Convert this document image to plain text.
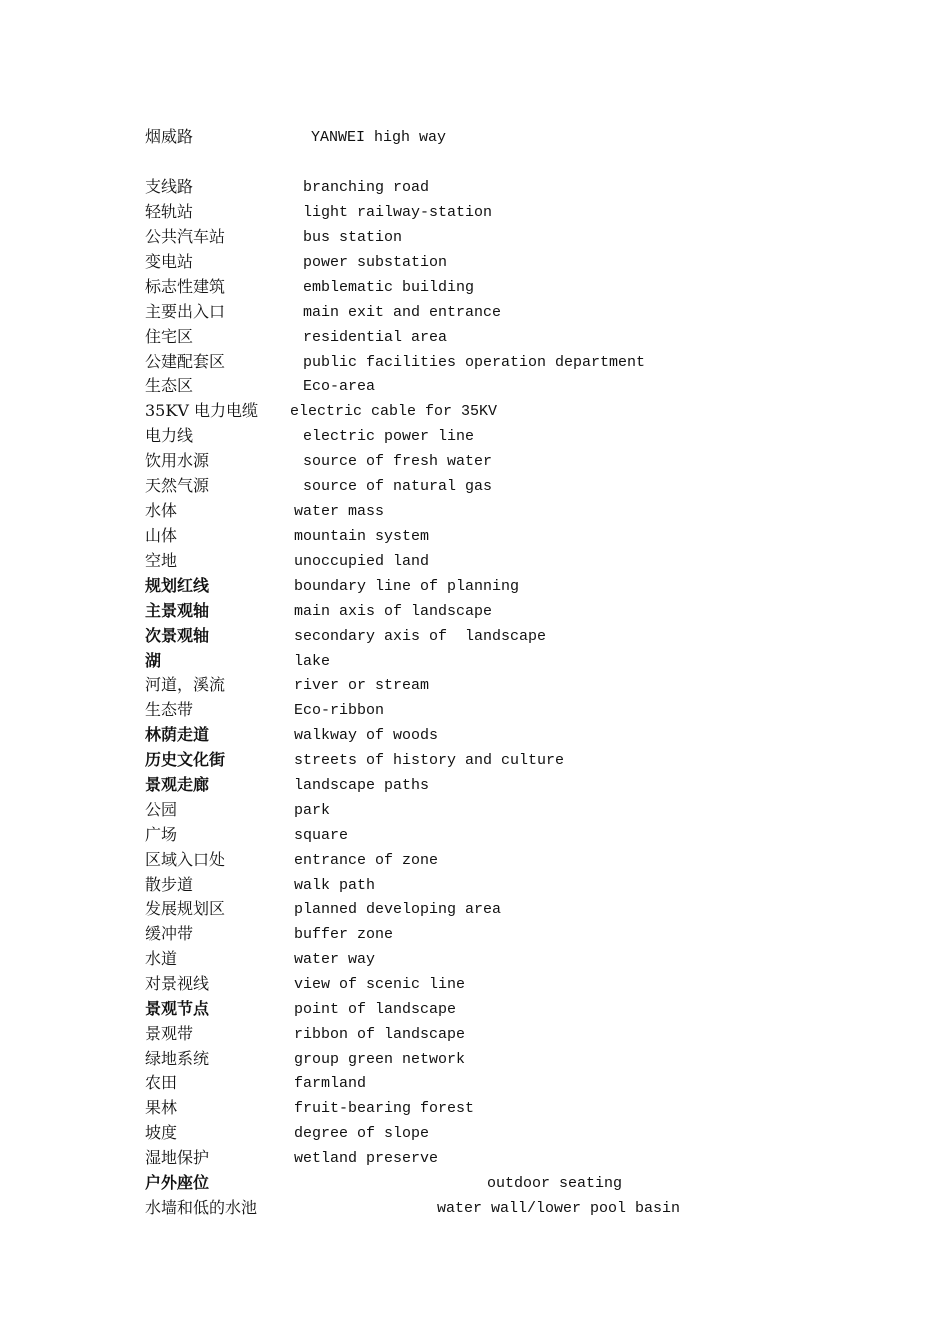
烟威路	YANWEI high way
支线路	branching road
轻轨站	light railway-station
公共汽车站	bus station
变电站	power substation
标志性建筑	emblematic building
主要出入口	main exit and entrance
住宅区	residential area
公建配套区	public facilities operation department
生态区	Eco-area
35KV 电力电缆 electric cable for 35KV
电力线	electric power line
饮用水源	source of fresh water
天然气源	source of natural gas
水体	water mass
山体	mountain system
空地	unoccupied land
规划红线	boundary line of planning
主景观轴	main axis of landscape
次景观轴	secondary axis of  landscape
湖	lake
河道，溪流	river or stream
生态带	Eco-ribbon
林荫走道	walkway of woods
历史文化街	streets of history and culture
景观走廊	landscape paths
公园	park
广场	square
区域入口处	entrance of zone
散步道	walk path
发展规划区	planned developing area
缓冲带	buffer zone
水道	water way
对景视线	view of scenic line
景观节点	point of landscape
景观带	ribbon of landscape
绿地系统	group green network
农田	farmland
果林	fruit-bearing forest
坡度	degree of slope
湿地保护	wetland preserve
户外座位	outdoor seating
水墙和低的水池	water wall/lower pool basin
